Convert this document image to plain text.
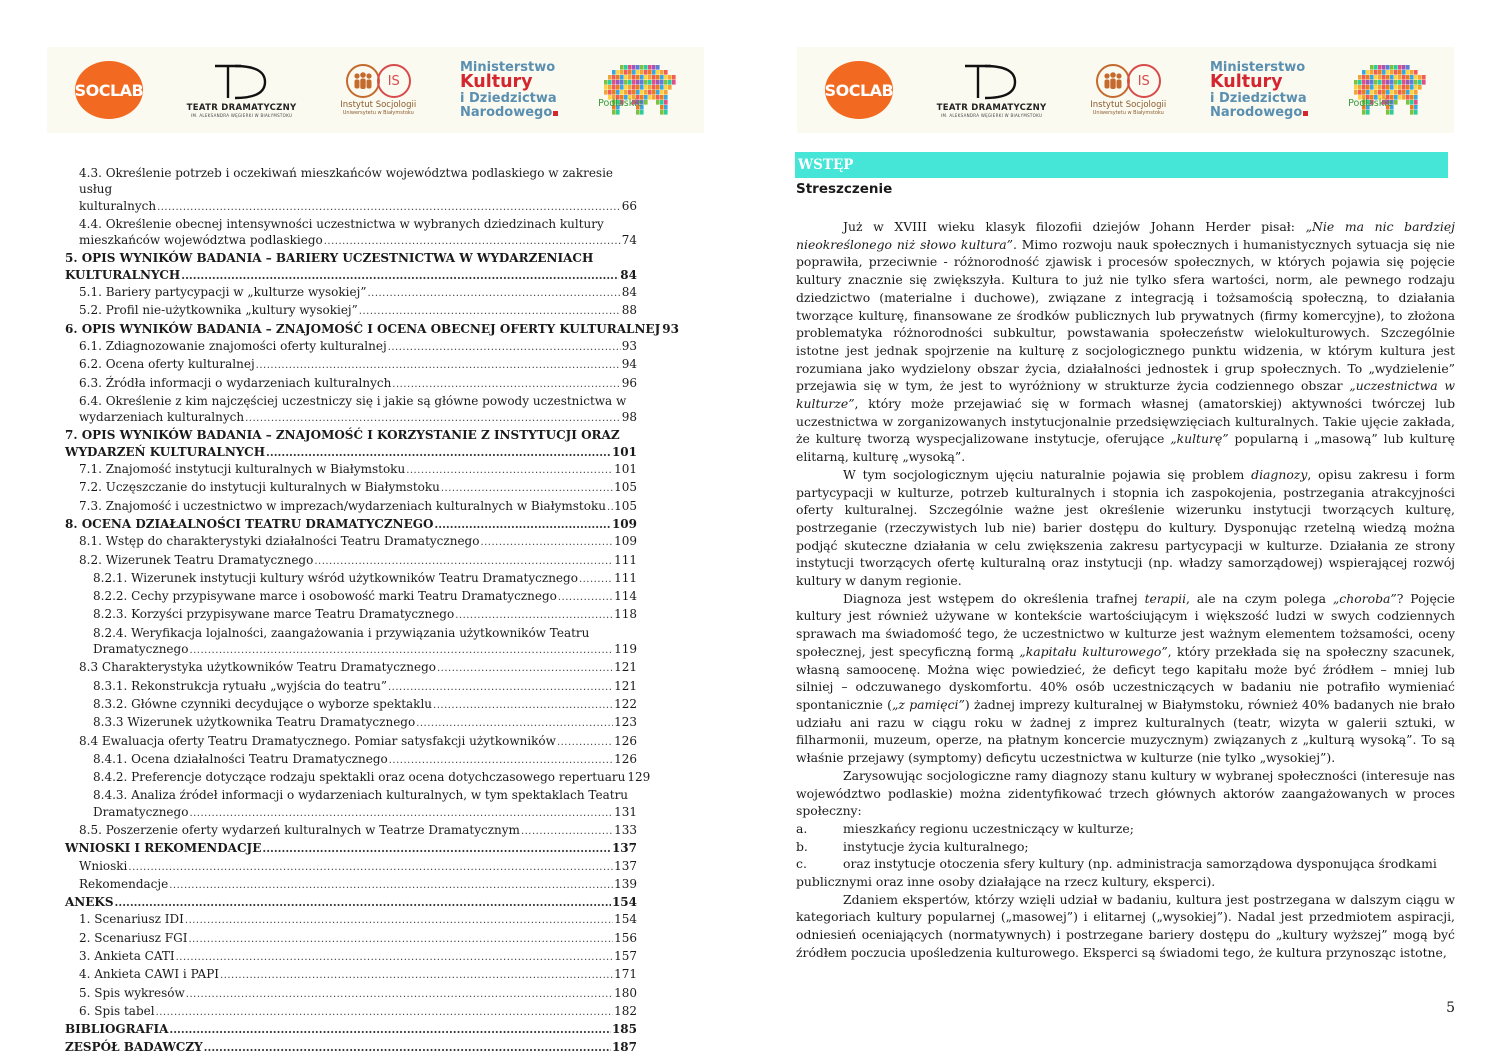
SOCLAB
TEATR DRAMATYCZNY
IM. ALEKSANDRA WĘGIERKI W BIAŁYMSTOKU
IS
Instytut Socjologii
Uniwersytetu w Białymstoku
Ministerstwo
Kultury
i Dziedzictwa
Narodowego
Podlaskie
4.3. Określenie potrzeb i oczekiwań mieszkańców województwa podlaskiego w zakresie usług
kulturalnych .....	66
4.4. Określenie obecnej intensywności uczestnictwa w wybranych dziedzinach kultury
mieszkańców województwa podlaskiego .....	74
5. OPIS WYNIKÓW BADANIA – BARIERY UCZESTNICTWA W WYDARZENIACH
KULTURALNYCH .....	84
5.1. Bariery partycypacji w „kulturze wysokiej” .....	84
5.2. Profil nie-użytkownika „kultury wysokiej” .....	88
6. OPIS WYNIKÓW BADANIA – ZNAJOMOŚĆ I OCENA OBECNEJ OFERTY KULTURALNEJ 93
6.1. Zdiagnozowanie znajomości oferty kulturalnej .....	93
6.2. Ocena oferty kulturalnej .....	94
6.3. Źródła informacji o wydarzeniach kulturalnych .....	96
6.4. Określenie z kim najczęściej uczestniczy się i jakie są główne powody uczestnictwa w
wydarzeniach kulturalnych .....	98
7. OPIS WYNIKÓW BADANIA – ZNAJOMOŚĆ I KORZYSTANIE Z INSTYTUCJI ORAZ
WYDARZEŃ KULTURALNYCH .....	101
7.1. Znajomość instytucji kulturalnych w Białymstoku .....	101
7.2. Uczęszczanie do instytucji kulturalnych w Białymstoku .....	105
7.3. Znajomość i uczestnictwo w imprezach/wydarzeniach kulturalnych w Białymstoku ..... 105
8. OCENA DZIAŁALNOŚCI TEATRU DRAMATYCZNEGO .....	109
8.1. Wstęp do charakterystyki działalności Teatru Dramatycznego .....	109
8.2. Wizerunek Teatru Dramatycznego .....	111
8.2.1. Wizerunek instytucji kultury wśród użytkowników Teatru Dramatycznego .....	111
8.2.2. Cechy przypisywane marce i osobowość marki Teatru Dramatycznego .....	114
8.2.3. Korzyści przypisywane marce Teatru Dramatycznego .....	118
8.2.4. Weryfikacja lojalności, zaangażowania i przywiązania użytkowników Teatru
Dramatycznego .....	119
8.3 Charakterystyka użytkowników Teatru Dramatycznego .....	121
8.3.1. Rekonstrukcja rytuału „wyjścia do teatru” .....	121
8.3.2. Główne czynniki decydujące o wyborze spektaklu .....	122
8.3.3 Wizerunek użytkownika Teatru Dramatycznego .....	123
8.4 Ewaluacja oferty Teatru Dramatycznego. Pomiar satysfakcji użytkowników .....	126
8.4.1. Ocena działalności Teatru Dramatycznego .....	126
8.4.2. Preferencje dotyczące rodzaju spektakli oraz ocena dotychczasowego repertuaru 129
8.4.3. Analiza źródeł informacji o wydarzeniach kulturalnych, w tym spektaklach Teatru
Dramatycznego .....	131
8.5. Poszerzenie oferty wydarzeń kulturalnych w Teatrze Dramatycznym .....	133
WNIOSKI I REKOMENDACJE .....	137
Wnioski .....	137
Rekomendacje .....	139
ANEKS .....	154
1. Scenariusz IDI .....	154
2. Scenariusz FGI .....	156
3. Ankieta CATI .....	157
4. Ankieta CAWI i PAPI .....	171
5. Spis wykresów .....	180
6. Spis tabel .....	182
BIBLIOGRAFIA .....	185
ZESPÓŁ BADAWCZY .....	187
SOCLAB
TEATR DRAMATYCZNY
IM. ALEKSANDRA WĘGIERKI W BIAŁYMSTOKU
IS
Instytut Socjologii
Uniwersytetu w Białymstoku
Ministerstwo
Kultury
i Dziedzictwa
Narodowego
Podlaskie
WSTĘP
Streszczenie

Już w XVIII wieku klasyk filozofii dziejów Johann Herder pisał: „Nie ma nic bardziej nieokreślonego niż słowo kultura”. Mimo rozwoju nauk społecznych i humanistycznych sytuacja się nie poprawiła, przeciwnie - różnorodność zjawisk i procesów społecznych, w których pojawia się pojęcie kultury znacznie się zwiększyła. Kultura to już nie tylko sfera wartości, norm, ale pewnego rodzaju dziedzictwo (materialne i duchowe), związane z integracją i tożsamością społeczną, to działania tworzące kulturę, finansowane ze środków publicznych lub prywatnych (firmy komercyjne), to złożona problematyka różnorodności subkultur, powstawania społeczeństw wielokulturowych. Szczególnie istotne jest jednak spojrzenie na kulturę z socjologicznego punktu widzenia, w którym kultura jest rozumiana jako wydzielony obszar życia, działalności jednostek i grup społecznych. To „wydzielenie” przejawia się w tym, że jest to wyróżniony w strukturze życia codziennego obszar „uczestnictwa w kulturze”, który może przejawiać się w formach własnej (amatorskiej) aktywności twórczej lub uczestnictwa w zorganizowanych instytucjonalnie przedsięwzięciach kulturalnych. Takie ujęcie zakłada, że kulturę tworzą wyspecjalizowane instytucje, oferujące „kulturę” popularną i „masową” lub kulturę elitarną, kulturę „wysoką”.

W tym socjologicznym ujęciu naturalnie pojawia się problem diagnozy, opisu zakresu i form partycypacji w kulturze, potrzeb kulturalnych i stopnia ich zaspokojenia, postrzegania atrakcyjności oferty kulturalnej. Szczególnie ważne jest określenie wizerunku instytucji tworzących kulturę, postrzeganie (rzeczywistych lub nie) barier dostępu do kultury. Dysponując rzetelną wiedzą można podjąć skuteczne działania w celu zwiększenia zakresu partycypacji w kulturze. Działania ze strony instytucji tworzących ofertę kulturalną oraz instytucji (np. władzy samorządowej) wspierającej rozwój kultury w danym regionie.

Diagnoza jest wstępem do określenia trafnej terapii, ale na czym polega „choroba”? Pojęcie kultury jest również używane w kontekście wartościującym i większość ludzi w swych codziennych sprawach ma świadomość tego, że uczestnictwo w kulturze jest ważnym elementem tożsamości, oceny społecznej, jest specyficzną formą „kapitału kulturowego”, który przekłada się na społeczny szacunek, własną samoocenę. Można więc powiedzieć, że deficyt tego kapitału może być źródłem – mniej lub silniej – odczuwanego dyskomfortu. 40% osób uczestniczących w badaniu nie potrafiło wymieniać spontanicznie („z pamięci”) żadnej imprezy kulturalnej w Białymstoku, również 40% badanych nie brało udziału ani razu w ciągu roku w żadnej z imprez kulturalnych (teatr, wizyta w galerii sztuki, w filharmonii, muzeum, operze, na płatnym koncercie muzycznym) związanych z „kulturą wysoką”. To są właśnie przejawy (symptomy) deficytu uczestnictwa w kulturze (nie tylko „wysokiej”).

Zarysowując socjologiczne ramy diagnozy stanu kultury w wybranej społeczności (interesuje nas województwo podlaskie) można zidentyfikować trzech głównych aktorów zaangażowanych w proces społeczny:

a.	mieszkańcy regionu uczestniczący w kulturze;
b.	instytucje życia kulturalnego;
c.	oraz instytucje otoczenia sfery kultury (np. administracja samorządowa dysponująca środkami

publicznymi oraz inne osoby działające na rzecz kultury, eksperci).

Zdaniem ekspertów, którzy wzięli udział w badaniu, kultura jest postrzegana w dalszym ciągu w kategoriach kultury popularnej („masowej”) i elitarnej („wysokiej”). Nadal jest przedmiotem aspiracji, odniesień oceniających (normatywnych) i postrzegane bariery dostępu do „kultury wyższej” mogą być źródłem poczucia upośledzenia kulturowego. Eksperci są świadomi tego, że kultura przynosząc istotne,

5
